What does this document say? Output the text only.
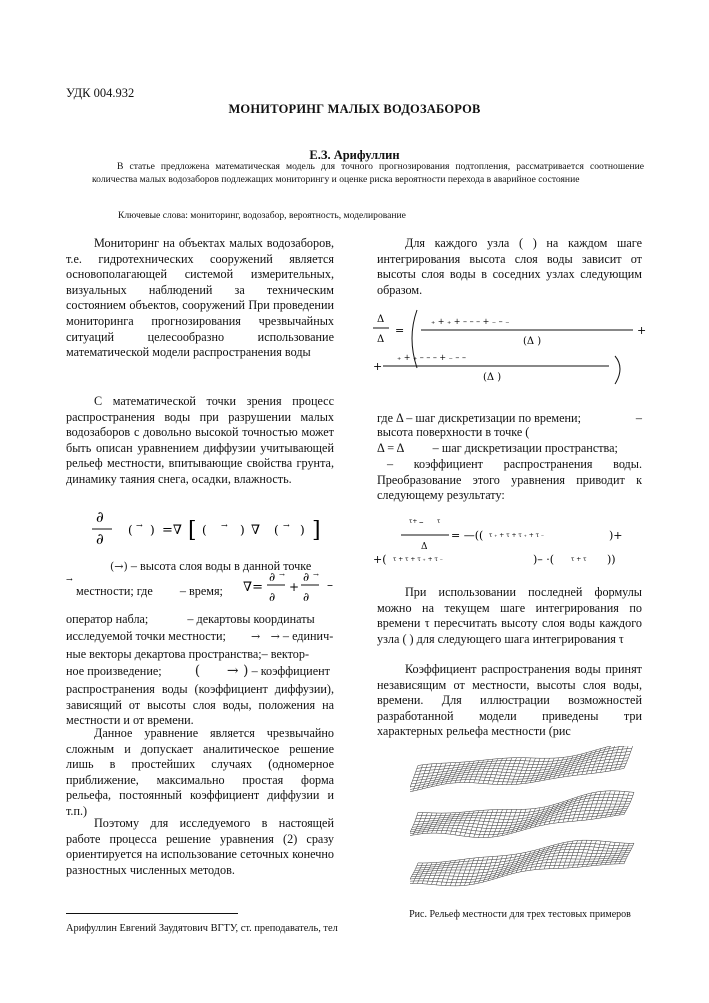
УДК 004.932
МОНИТОРИНГ МАЛЫХ ВОДОЗАБОРОВ
Е.З. Арифуллин
В статье предложена математическая модель для точного прогнозирования подтопления, рассматривается соотношение количества малых водозаборов подлежащих мониторингу и оценке риска вероятности перехода в аварийное состояние
Ключевые слова: мониторинг, водозабор, вероятность, моделирование

Мониторинг на объектах малых водозаборов, т.е. гидротехнических сооружений является основополагающей системой измерительных, визуальных наблюдений за техническим состоянием объектов, сооружений При проведении мониторинга прогнозирования чрезвычайных ситуаций целесообразно использование математической модели распространения воды

С математической точки зрения процесс распространения воды при разрушении малых водозаборов с довольно высокой точностью может быть описан уравнением диффузии учитывающей рельеф местности, впитывающие свойства грунта, динамику таяния снега, осадки, влажность.

∂
∂ ( → ) =∇ [ ( → ) ∇ ( → ) ]
(→) – высота слоя воды в данной точке
→
местности; где – время;	∇=
∂ →
∂
+
∂ →
∂
–
оператор набла;	– декартовы координаты
исследуемой точки местности; →   → – единич-
ные векторы декартова пространства;– вектор-
ное произведение; (      → ) – коэффициент
распространения воды (коэффициент диффузии), зависящий от высоты слоя воды, положения на местности и от времени.

Данное уравнение является чрезвычайно сложным и допускает аналитическое решение лишь в простейших случаях (одномерное приближение, максимально простая форма рельефа, постоянный коэффициент диффузии и т.п.)

Поэтому для исследуемого в настоящей работе процесса решение уравнения (2) сразу ориентируется на использование сеточных конечно разностных численных методов.

Для каждого узла ( ) на каждом шаге интегрирования высота слоя воды зависит от высоты слоя воды в соседних узлах следующим образом.

Δ
Δ
=
₊ + ₊ + – – – + ₋ – ₋
(Δ )
+
+
₊ + ₊ – – – + ₋ – –
(Δ )
где Δ – шаг дискретизации по времени;	–
высота поверхности в точке (
Δ = Δ – шаг дискретизации пространства;
– коэффициент распространения воды. Преобразование этого уравнения приводит к следующему результату:
τ+ – τ
Δ
= —(( τ ₊ + τ + τ ₊ + τ ₋	)+
+( τ + τ + τ ₊ + τ ₋	)– ·(	τ + τ ))

При использовании последней формулы можно на текущем шаге интегрирования по времени τ пересчитать высоту слоя воды каждого узла ( ) для следующего шага интегрирования τ

Коэффициент распространения воды принят независящим от местности, высоты слоя воды, времени. Для иллюстрации возможностей разработанной модели приведены три характерных рельефа местности (рис

Рис. Рельеф местности для трех тестовых примеров
Арифуллин Евгений Заудятович ВГТУ, ст. преподаватель, тел
